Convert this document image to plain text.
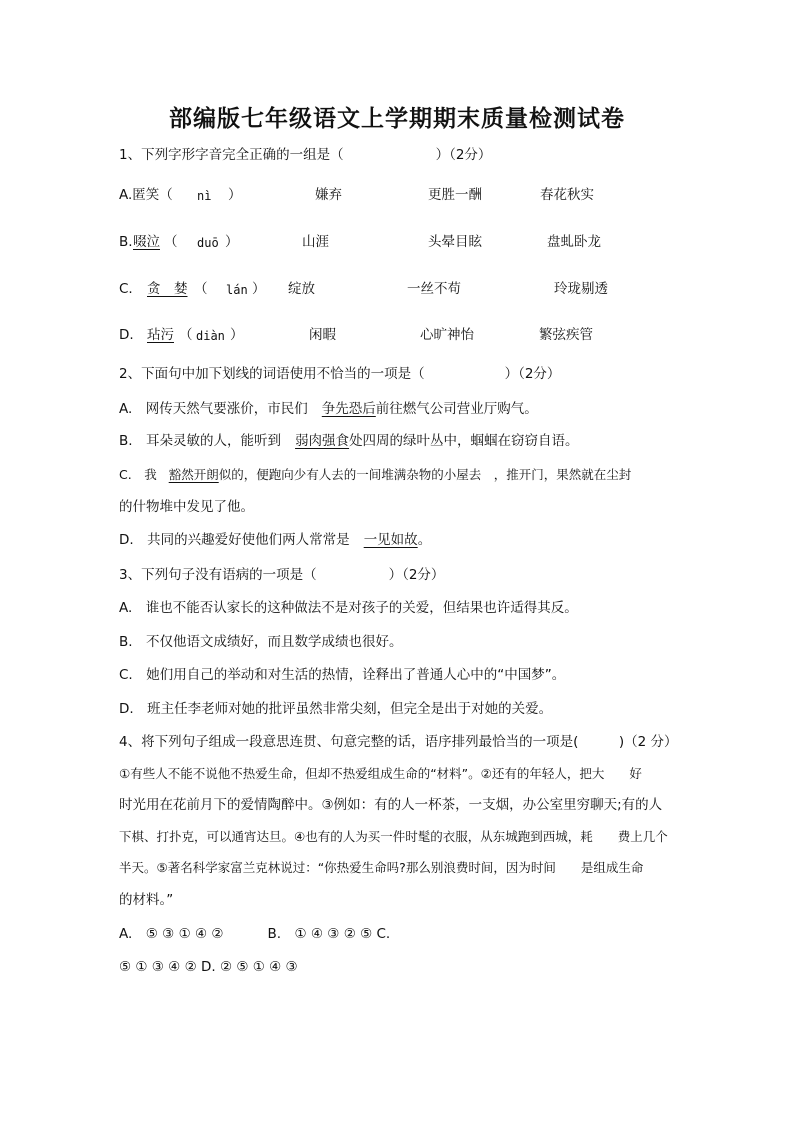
部编版七年级语文上学期期末质量检测试卷
1、下列字形字音完全正确的一组是（	）（2分）
A.匿笑（ nì ）	嫌弃	更胜一酬	春花秋实
B. 啜泣 （ duō ）	山涯	头晕目眩	盘虬卧龙
C. 贪　婪 （ lán ） 绽放	一丝不苟	玲珑剔透
D. 玷污 （ diàn ）	闲暇	心旷神怡	繁弦疾管
2、下面句中加下划线的词语使用不恰当的一项是（	）（2分）
A.　网传天然气要涨价，市民们 争先恐后前往燃气公司营业厅购气。
B.　耳朵灵敏的人，能听到 弱肉强食处四周的绿叶丛中，蝈蝈在窃窃自语。
C.　我 豁然开朗似的，便跑向少有人去的一间堆满杂物的小屋去　，推开门，果然就在尘封
的什物堆中发见了他。
D.　共同的兴趣爱好使他们两人常常是 一见如故。
3、下列句子没有语病的一项是（	）（2分）
A.　谁也不能否认家长的这种做法不是对孩子的关爱，但结果也许适得其反。
B.　不仅他语文成绩好，而且数学成绩也很好。
C.　她们用自己的举动和对生活的热情，诠释出了普通人心中的“中国梦”。
D.　班主任李老师对她的批评虽然非常尖刻，但完全是出于对她的关爱。
4、将下列句子组成一段意思连贯、句意完整的话，语序排列最恰当的一项是(　　　)（2 分）
①有些人不能不说他不热爱生命，但却不热爱组成生命的“材料”。②还有的年轻人，把大　　好
时光用在花前月下的爱情陶醉中。③例如：有的人一杯茶，一支烟，办公室里穷聊天;有的人
下棋、打扑克，可以通宵达旦。④也有的人为买一件时髦的衣服，从东城跑到西城，耗　　费上几个
半天。⑤著名科学家富兰克林说过：“你热爱生命吗?那么别浪费时间，因为时间　　是组成生命
的材料。”
A.　⑤ ③ ① ④ ②	B.　① ④ ③ ② ⑤ C.
⑤ ① ③ ④ ② D. ② ⑤ ① ④ ③
